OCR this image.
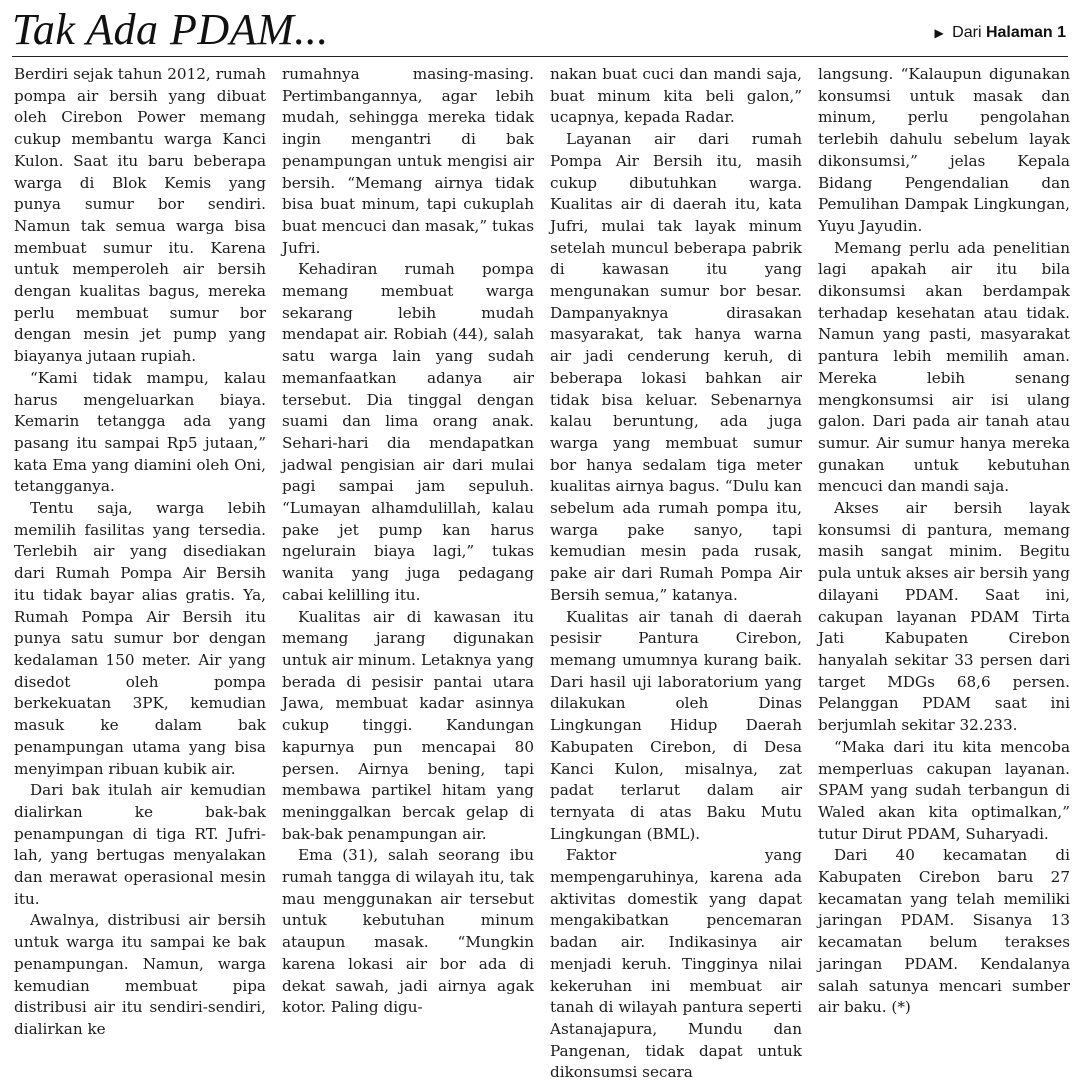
Tak Ada PDAM...	▶ Dari Halaman 1

Berdiri sejak tahun 2012, rumah pompa air bersih yang dibuat oleh Cirebon Power memang cukup membantu warga Kanci Kulon. Saat itu baru beberapa warga di Blok Kemis yang punya sumur bor sendiri. Namun tak semua warga bisa membuat sumur itu. Karena untuk memperoleh air bersih dengan kualitas bagus, mereka perlu membuat sumur bor dengan mesin jet pump yang biayanya jutaan rupiah.

“Kami tidak mampu, kalau harus mengeluarkan biaya. Kemarin tetangga ada yang pasang itu sampai Rp5 jutaan,” kata Ema yang diamini oleh Oni, tetangganya.

Tentu saja, warga lebih memilih fasilitas yang tersedia. Terlebih air yang disediakan dari Rumah Pompa Air Bersih itu tidak bayar alias gratis. Ya, Rumah Pompa Air Bersih itu punya satu sumur bor dengan kedalaman 150 meter. Air yang disedot oleh pompa berkekuatan 3PK, kemudian masuk ke dalam bak penampungan utama yang bisa menyimpan ribuan kubik air.

Dari bak itulah air kemudian dialirkan ke bak-bak penampungan di tiga RT. Jufri-lah, yang bertugas menyalakan dan merawat operasional mesin itu.

Awalnya, distribusi air bersih untuk warga itu sampai ke bak penampungan. Namun, warga kemudian membuat pipa distribusi air itu sendiri-sendiri, dialirkan ke

rumahnya masing-masing. Pertimbangannya, agar lebih mudah, sehingga mereka tidak ingin mengantri di bak penampungan untuk mengisi air bersih. “Memang airnya tidak bisa buat minum, tapi cukuplah buat mencuci dan masak,” tukas Jufri.

Kehadiran rumah pompa memang membuat warga sekarang lebih mudah mendapat air. Robiah (44), salah satu warga lain yang sudah memanfaatkan adanya air tersebut. Dia tinggal dengan suami dan lima orang anak. Sehari-hari dia mendapatkan jadwal pengisian air dari mulai pagi sampai jam sepuluh. “Lumayan alhamdulillah, kalau pake jet pump kan harus ngelurain biaya lagi,” tukas wanita yang juga pedagang cabai kelilling itu.

Kualitas air di kawasan itu memang jarang digunakan untuk air minum. Letaknya yang berada di pesisir pantai utara Jawa, membuat kadar asinnya cukup tinggi. Kandungan kapurnya pun mencapai 80 persen. Airnya bening, tapi membawa partikel hitam yang meninggalkan bercak gelap di bak-bak penampungan air.

Ema (31), salah seorang ibu rumah tangga di wilayah itu, tak mau menggunakan air tersebut untuk kebutuhan minum ataupun masak. “Mungkin karena lokasi air bor ada di dekat sawah, jadi airnya agak kotor. Paling digu-

nakan buat cuci dan mandi saja, buat minum kita beli galon,” ucapnya, kepada Radar.

Layanan air dari rumah Pompa Air Bersih itu, masih cukup dibutuhkan warga. Kualitas air di daerah itu, kata Jufri, mulai tak layak minum setelah muncul beberapa pabrik di kawasan itu yang mengunakan sumur bor besar. Dampanyaknya dirasakan masyarakat, tak hanya warna air jadi cenderung keruh, di beberapa lokasi bahkan air tidak bisa keluar. Sebenarnya kalau beruntung, ada juga warga yang membuat sumur bor hanya sedalam tiga meter kualitas airnya bagus. “Dulu kan sebelum ada rumah pompa itu, warga pake sanyo, tapi kemudian mesin pada rusak, pake air dari Rumah Pompa Air Bersih semua,” katanya.

Kualitas air tanah di daerah pesisir Pantura Cirebon, memang umumnya kurang baik. Dari hasil uji laboratorium yang dilakukan oleh Dinas Lingkungan Hidup Daerah Kabupaten Cirebon, di Desa Kanci Kulon, misalnya, zat padat terlarut dalam air ternyata di atas Baku Mutu Lingkungan (BML).

Faktor yang mempengaruhinya, karena ada aktivitas domestik yang dapat mengakibatkan pencemaran badan air. Indikasinya air menjadi keruh. Tingginya nilai kekeruhan ini membuat air tanah di wilayah pantura seperti Astanajapura, Mundu dan Pangenan, tidak dapat untuk dikonsumsi secara

langsung. “Kalaupun digunakan konsumsi untuk masak dan minum, perlu pengolahan terlebih dahulu sebelum layak dikonsumsi,” jelas Kepala Bidang Pengendalian dan Pemulihan Dampak Lingkungan, Yuyu Jayudin.

Memang perlu ada penelitian lagi apakah air itu bila dikonsumsi akan berdampak terhadap kesehatan atau tidak. Namun yang pasti, masyarakat pantura lebih memilih aman. Mereka lebih senang mengkonsumsi air isi ulang galon. Dari pada air tanah atau sumur. Air sumur hanya mereka gunakan untuk kebutuhan mencuci dan mandi saja.

Akses air bersih layak konsumsi di pantura, memang masih sangat minim. Begitu pula untuk akses air bersih yang dilayani PDAM. Saat ini, cakupan layanan PDAM Tirta Jati Kabupaten Cirebon hanyalah sekitar 33 persen dari target MDGs 68,6 persen. Pelanggan PDAM saat ini berjumlah sekitar 32.233.

“Maka dari itu kita mencoba memperluas cakupan layanan. SPAM yang sudah terbangun di Waled akan kita optimalkan,” tutur Dirut PDAM, Suharyadi.

Dari 40 kecamatan di Kabupaten Cirebon baru 27 kecamatan yang telah memiliki jaringan PDAM. Sisanya 13 kecamatan belum terakses jaringan PDAM. Kendalanya salah satunya mencari sumber air baku. (*)
